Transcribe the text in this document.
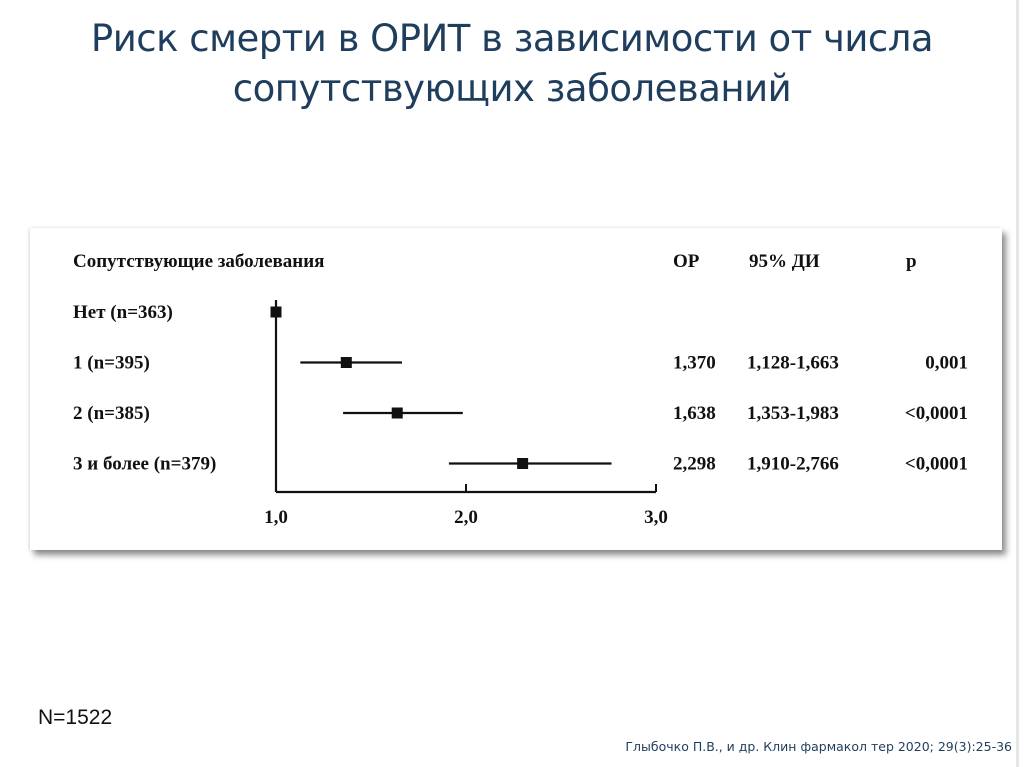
Риск смерти в ОРИТ в зависимости от числа
сопутствующих заболеваний
Сопутствующие заболевания	ОР	95% ДИ	p
Нет (n=363)
1 (n=395)	1,370 1,128-1,663	0,001
2 (n=385)	1,638 1,353-1,983	<0,0001
3 и более (n=379)	2,298 1,910-2,766	<0,0001
1,0	2,0	3,0
N=1522
Глыбочко П.В., и др. Клин фармакол тер 2020; 29(3):25-36
